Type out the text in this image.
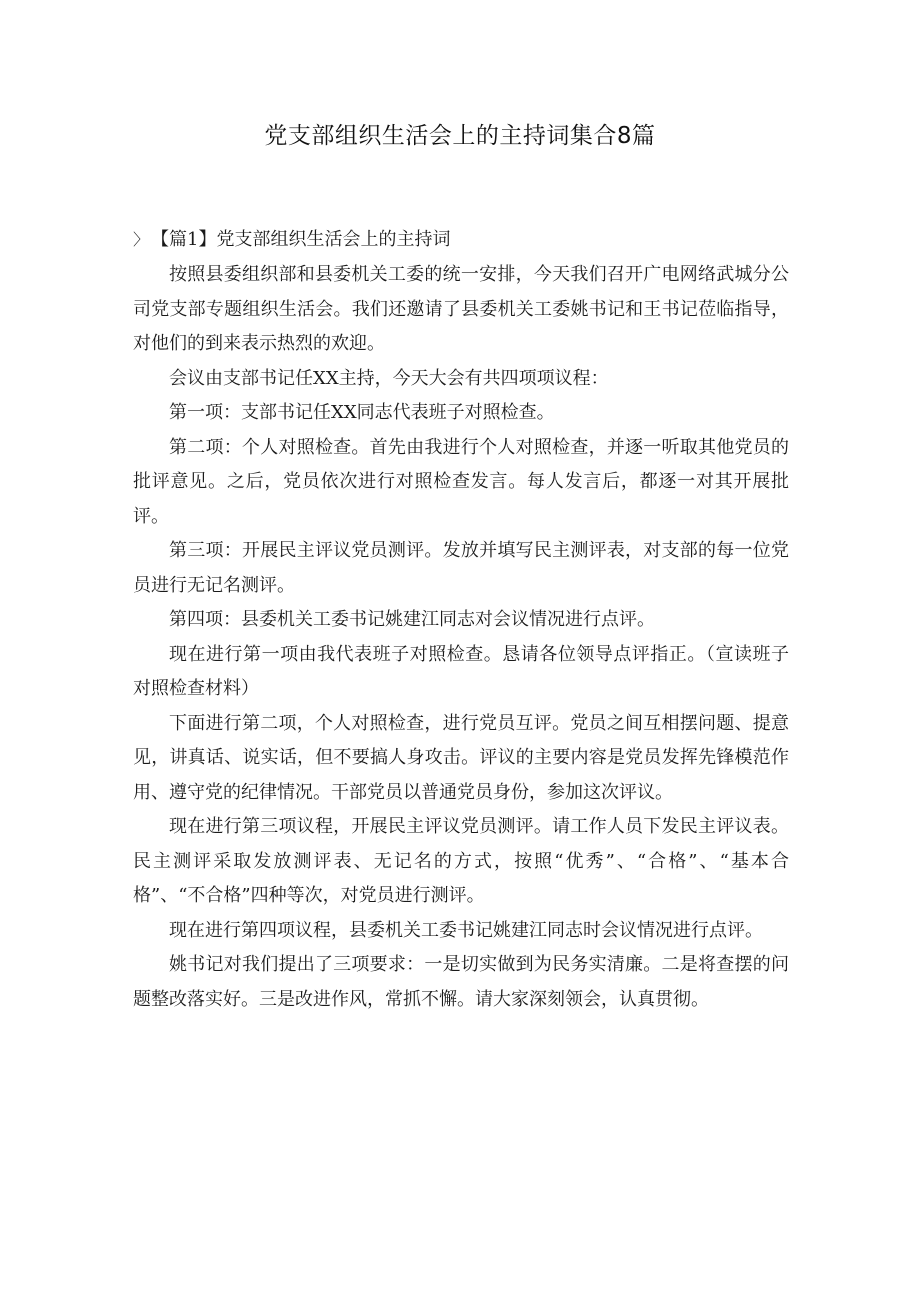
党支部组织生活会上的主持词集合8篇
〉 【篇1】党支部组织生活会上的主持词

按照县委组织部和县委机关工委的统一安排，今天我们召开广电网络武城分公司党支部专题组织生活会。我们还邀请了县委机关工委姚书记和王书记莅临指导，对他们的到来表示热烈的欢迎。

会议由支部书记任XX主持，今天大会有共四项项议程：

第一项：支部书记任XX同志代表班子对照检查。

第二项：个人对照检查。首先由我进行个人对照检查，并逐一听取其他党员的批评意见。之后，党员依次进行对照检查发言。每人发言后，都逐一对其开展批评。

第三项：开展民主评议党员测评。发放并填写民主测评表，对支部的每一位党员进行无记名测评。

第四项：县委机关工委书记姚建江同志对会议情况进行点评。

现在进行第一项由我代表班子对照检查。恳请各位领导点评指正。（宣读班子对照检查材料）

下面进行第二项，个人对照检查，进行党员互评。党员之间互相摆问题、提意见，讲真话、说实话，但不要搞人身攻击。评议的主要内容是党员发挥先锋模范作用、遵守党的纪律情况。干部党员以普通党员身份，参加这次评议。

现在进行第三项议程，开展民主评议党员测评。请工作人员下发民主评议表。民主测评采取发放测评表、无记名的方式，按照“优秀”、“合格”、“基本合格”、“不合格”四种等次，对党员进行测评。

现在进行第四项议程，县委机关工委书记姚建江同志时会议情况进行点评。

姚书记对我们提出了三项要求：一是切实做到为民务实清廉。二是将查摆的问题整改落实好。三是改进作风，常抓不懈。请大家深刻领会，认真贯彻。
